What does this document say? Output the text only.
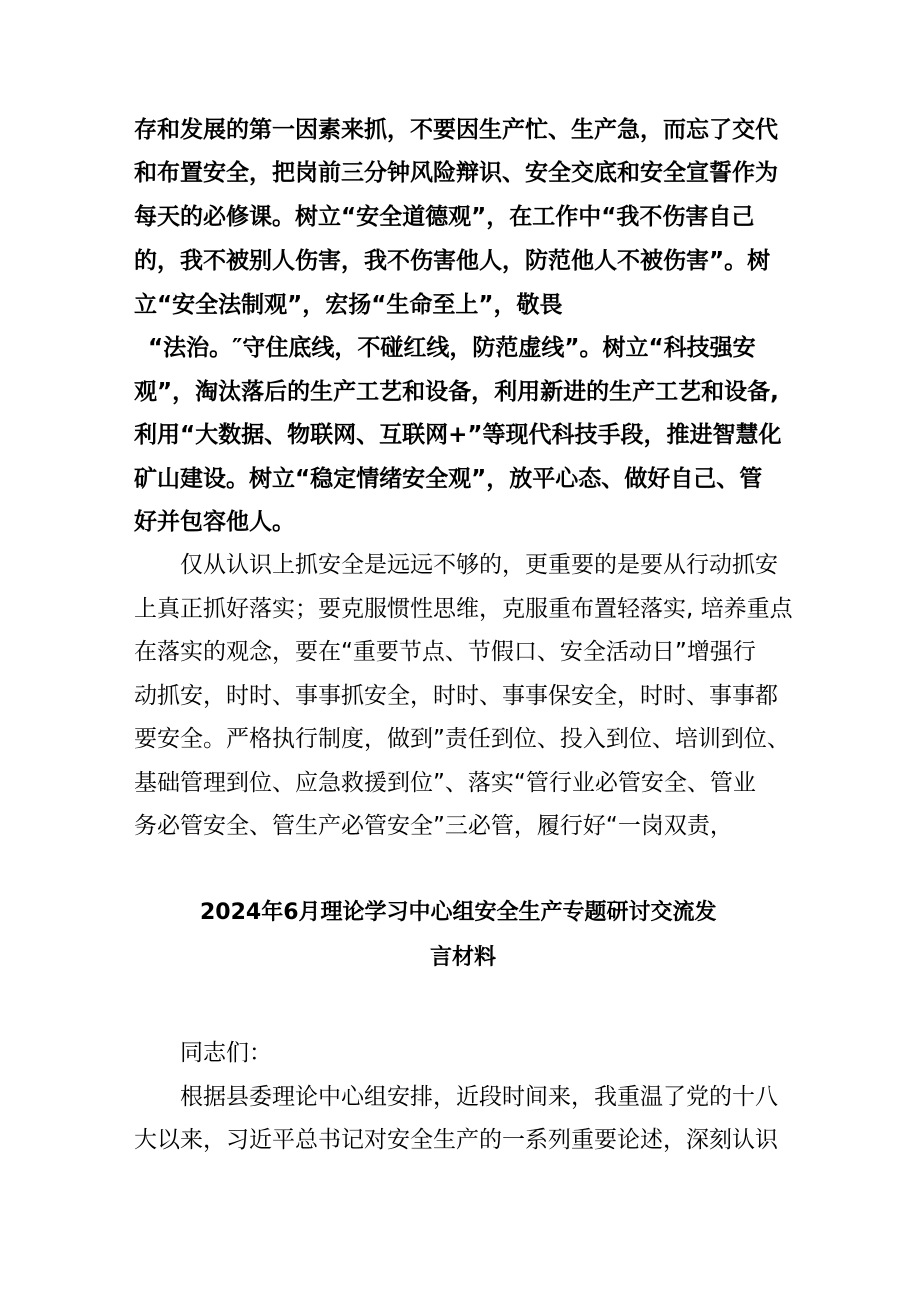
存和发展的第一因素来抓，不要因生产忙、生产急，而忘了交代
和布置安全，把岗前三分钟风险辩识、安全交底和安全宣誓作为
每天的必修课。树立“安全道德观”，在工作中“我不伤害自己
的，我不被别人伤害，我不伤害他人，防范他人不被伤害”。树
立“安全法制观”，宏扬“生命至上”，敬畏
“法治。″守住底线，不碰红线，防范虚线”。树立“科技强安
观”，淘汰落后的生产工艺和设备，利用新进的生产工艺和设备,
利用“大数据、物联网、互联网+”等现代科技手段，推进智慧化
矿山建设。树立“稳定情绪安全观”，放平心态、做好自己、管
好并包容他人。
仅从认识上抓安全是远远不够的，更重要的是要从行动抓安
上真正抓好落实；要克服惯性思维，克服重布置轻落实, 培养重点
在落实的观念，要在“重要节点、节假口、安全活动日”增强行
动抓安，时时、事事抓安全，时时、事事保安全，时时、事事都
要安全。严格执行制度，做到”责任到位、投入到位、培训到位、
基础管理到位、应急救援到位”、落实“管行业必管安全、管业
务必管安全、管生产必管安全”三必管，履行好“一岗双责，
2024年6月理论学习中心组安全生产专题研讨交流发
言材料
同志们：
根据县委理论中心组安排，近段时间来，我重温了党的十八
大以来，习近平总书记对安全生产的一系列重要论述，深刻认识
